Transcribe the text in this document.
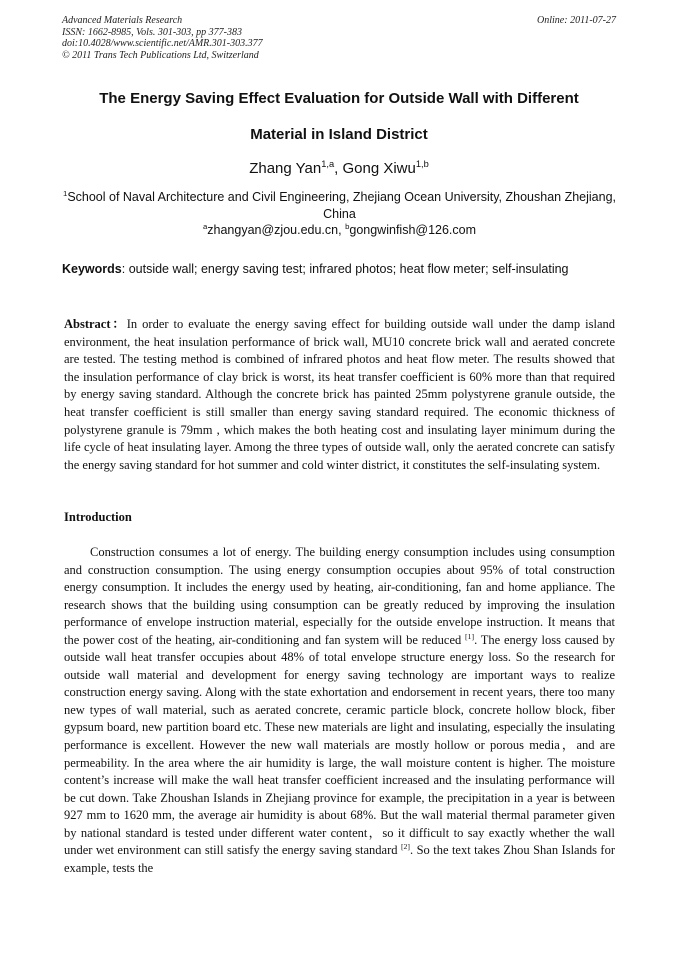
Advanced Materials Research
ISSN: 1662-8985, Vols. 301-303, pp 377-383
doi:10.4028/www.scientific.net/AMR.301-303.377
© 2011 Trans Tech Publications Ltd, Switzerland
Online: 2011-07-27
The Energy Saving Effect Evaluation for Outside Wall with Different
Material in Island District
Zhang Yan$^{1,a}$, Gong Xiwu$^{1,b}$
$^1$School of Naval Architecture and Civil Engineering, Zhejiang Ocean University, Zhoushan Zhejiang, China
$^a$zhangyan@zjou.edu.cn, $^b$gongwinfish@126.com
Keywords: outside wall; energy saving test; infrared photos; heat flow meter; self-insulating

Abstract：In order to evaluate the energy saving effect for building outside wall under the damp island environment, the heat insulation performance of brick wall, MU10 concrete brick wall and aerated concrete are tested. The testing method is combined of infrared photos and heat flow meter. The results showed that the insulation performance of clay brick is worst, its heat transfer coefficient is 60% more than that required by energy saving standard. Although the concrete brick has painted 25mm polystyrene granule outside, the heat transfer coefficient is still smaller than energy saving standard required. The economic thickness of polystyrene granule is 79mm , which makes the both heating cost and insulating layer minimum during the life cycle of heat insulating layer. Among the three types of outside wall, only the aerated concrete can satisfy the energy saving standard for hot summer and cold winter district, it constitutes the self-insulating system.

Introduction

Construction consumes a lot of energy. The building energy consumption includes using consumption and construction consumption. The using energy consumption occupies about 95% of total construction energy consumption. It includes the energy used by heating, air-conditioning, fan and home appliance. The research shows that the building using consumption can be greatly reduced by improving the insulation performance of envelope instruction material, especially for the outside envelope instruction. It means that the power cost of the heating, air-conditioning and fan system will be reduced [1]. The energy loss caused by outside wall heat transfer occupies about 48% of total envelope structure energy loss. So the research for outside wall material and development for energy saving technology are important ways to realize construction energy saving. Along with the state exhortation and endorsement in recent years, there too many new types of wall material, such as aerated concrete, ceramic particle block, concrete hollow block, fiber gypsum board, new partition board etc. These new materials are light and insulating, especially the insulating performance is excellent. However the new wall materials are mostly hollow or porous media，and are permeability. In the area where the air humidity is large, the wall moisture content is higher. The moisture content’s increase will make the wall heat transfer coefficient increased and the insulating performance will be cut down. Take Zhoushan Islands in Zhejiang province for example, the precipitation in a year is between 927 mm to 1620 mm, the average air humidity is about 68%. But the wall material thermal parameter given by national standard is tested under different water content，so it difficult to say exactly whether the wall under wet environment can still satisfy the energy saving standard [2]. So the text takes Zhou Shan Islands for example, tests the
